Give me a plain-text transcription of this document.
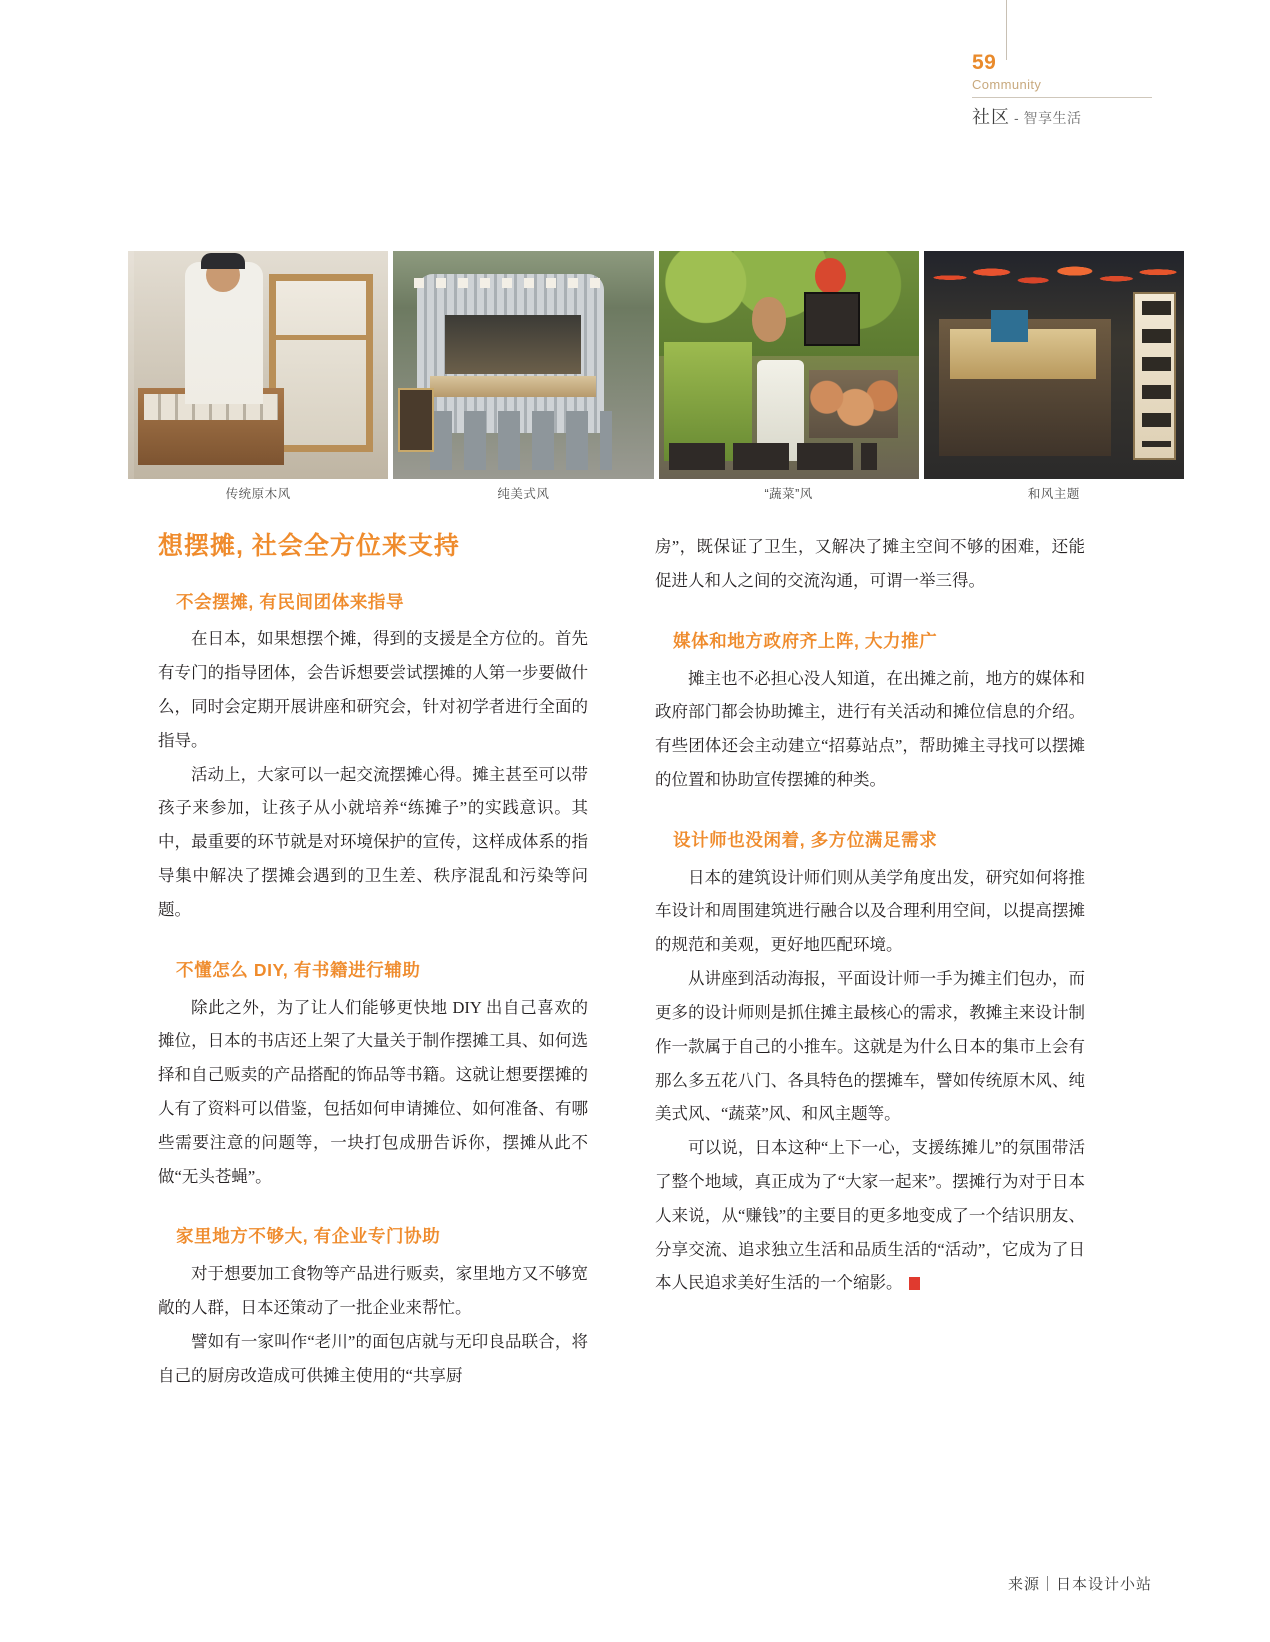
59
Community
社区 - 智享生活
传统原木风	纯美式风	“蔬菜”风	和风主题
想摆摊, 社会全方位来支持
不会摆摊, 有民间团体来指导

在日本，如果想摆个摊，得到的支援是全方位的。首先有专门的指导团体，会告诉想要尝试摆摊的人第一步要做什么，同时会定期开展讲座和研究会，针对初学者进行全面的指导。

活动上，大家可以一起交流摆摊心得。摊主甚至可以带孩子来参加，让孩子从小就培养“练摊子”的实践意识。其中，最重要的环节就是对环境保护的宣传，这样成体系的指导集中解决了摆摊会遇到的卫生差、秩序混乱和污染等问题。

不懂怎么 DIY, 有书籍进行辅助

除此之外，为了让人们能够更快地 DIY 出自己喜欢的摊位，日本的书店还上架了大量关于制作摆摊工具、如何选择和自己贩卖的产品搭配的饰品等书籍。这就让想要摆摊的人有了资料可以借鉴，包括如何申请摊位、如何准备、有哪些需要注意的问题等，一块打包成册告诉你，摆摊从此不做“无头苍蝇”。

家里地方不够大, 有企业专门协助

对于想要加工食物等产品进行贩卖，家里地方又不够宽敞的人群，日本还策动了一批企业来帮忙。

譬如有一家叫作“老川”的面包店就与无印良品联合，将自己的厨房改造成可供摊主使用的“共享厨

房”，既保证了卫生，又解决了摊主空间不够的困难，还能促进人和人之间的交流沟通，可谓一举三得。

媒体和地方政府齐上阵, 大力推广

摊主也不必担心没人知道，在出摊之前，地方的媒体和政府部门都会协助摊主，进行有关活动和摊位信息的介绍。有些团体还会主动建立“招募站点”，帮助摊主寻找可以摆摊的位置和协助宣传摆摊的种类。

设计师也没闲着, 多方位满足需求

日本的建筑设计师们则从美学角度出发，研究如何将推车设计和周围建筑进行融合以及合理利用空间，以提高摆摊的规范和美观，更好地匹配环境。

从讲座到活动海报，平面设计师一手为摊主们包办，而更多的设计师则是抓住摊主最核心的需求，教摊主来设计制作一款属于自己的小推车。这就是为什么日本的集市上会有那么多五花八门、各具特色的摆摊车，譬如传统原木风、纯美式风、“蔬菜”风、和风主题等。

可以说，日本这种“上下一心，支援练摊儿”的氛围带活了整个地域，真正成为了“大家一起来”。摆摊行为对于日本人来说，从“赚钱”的主要目的更多地变成了一个结识朋友、分享交流、追求独立生活和品质生活的“活动”，它成为了日本人民追求美好生活的一个缩影。S

来源｜日本设计小站
